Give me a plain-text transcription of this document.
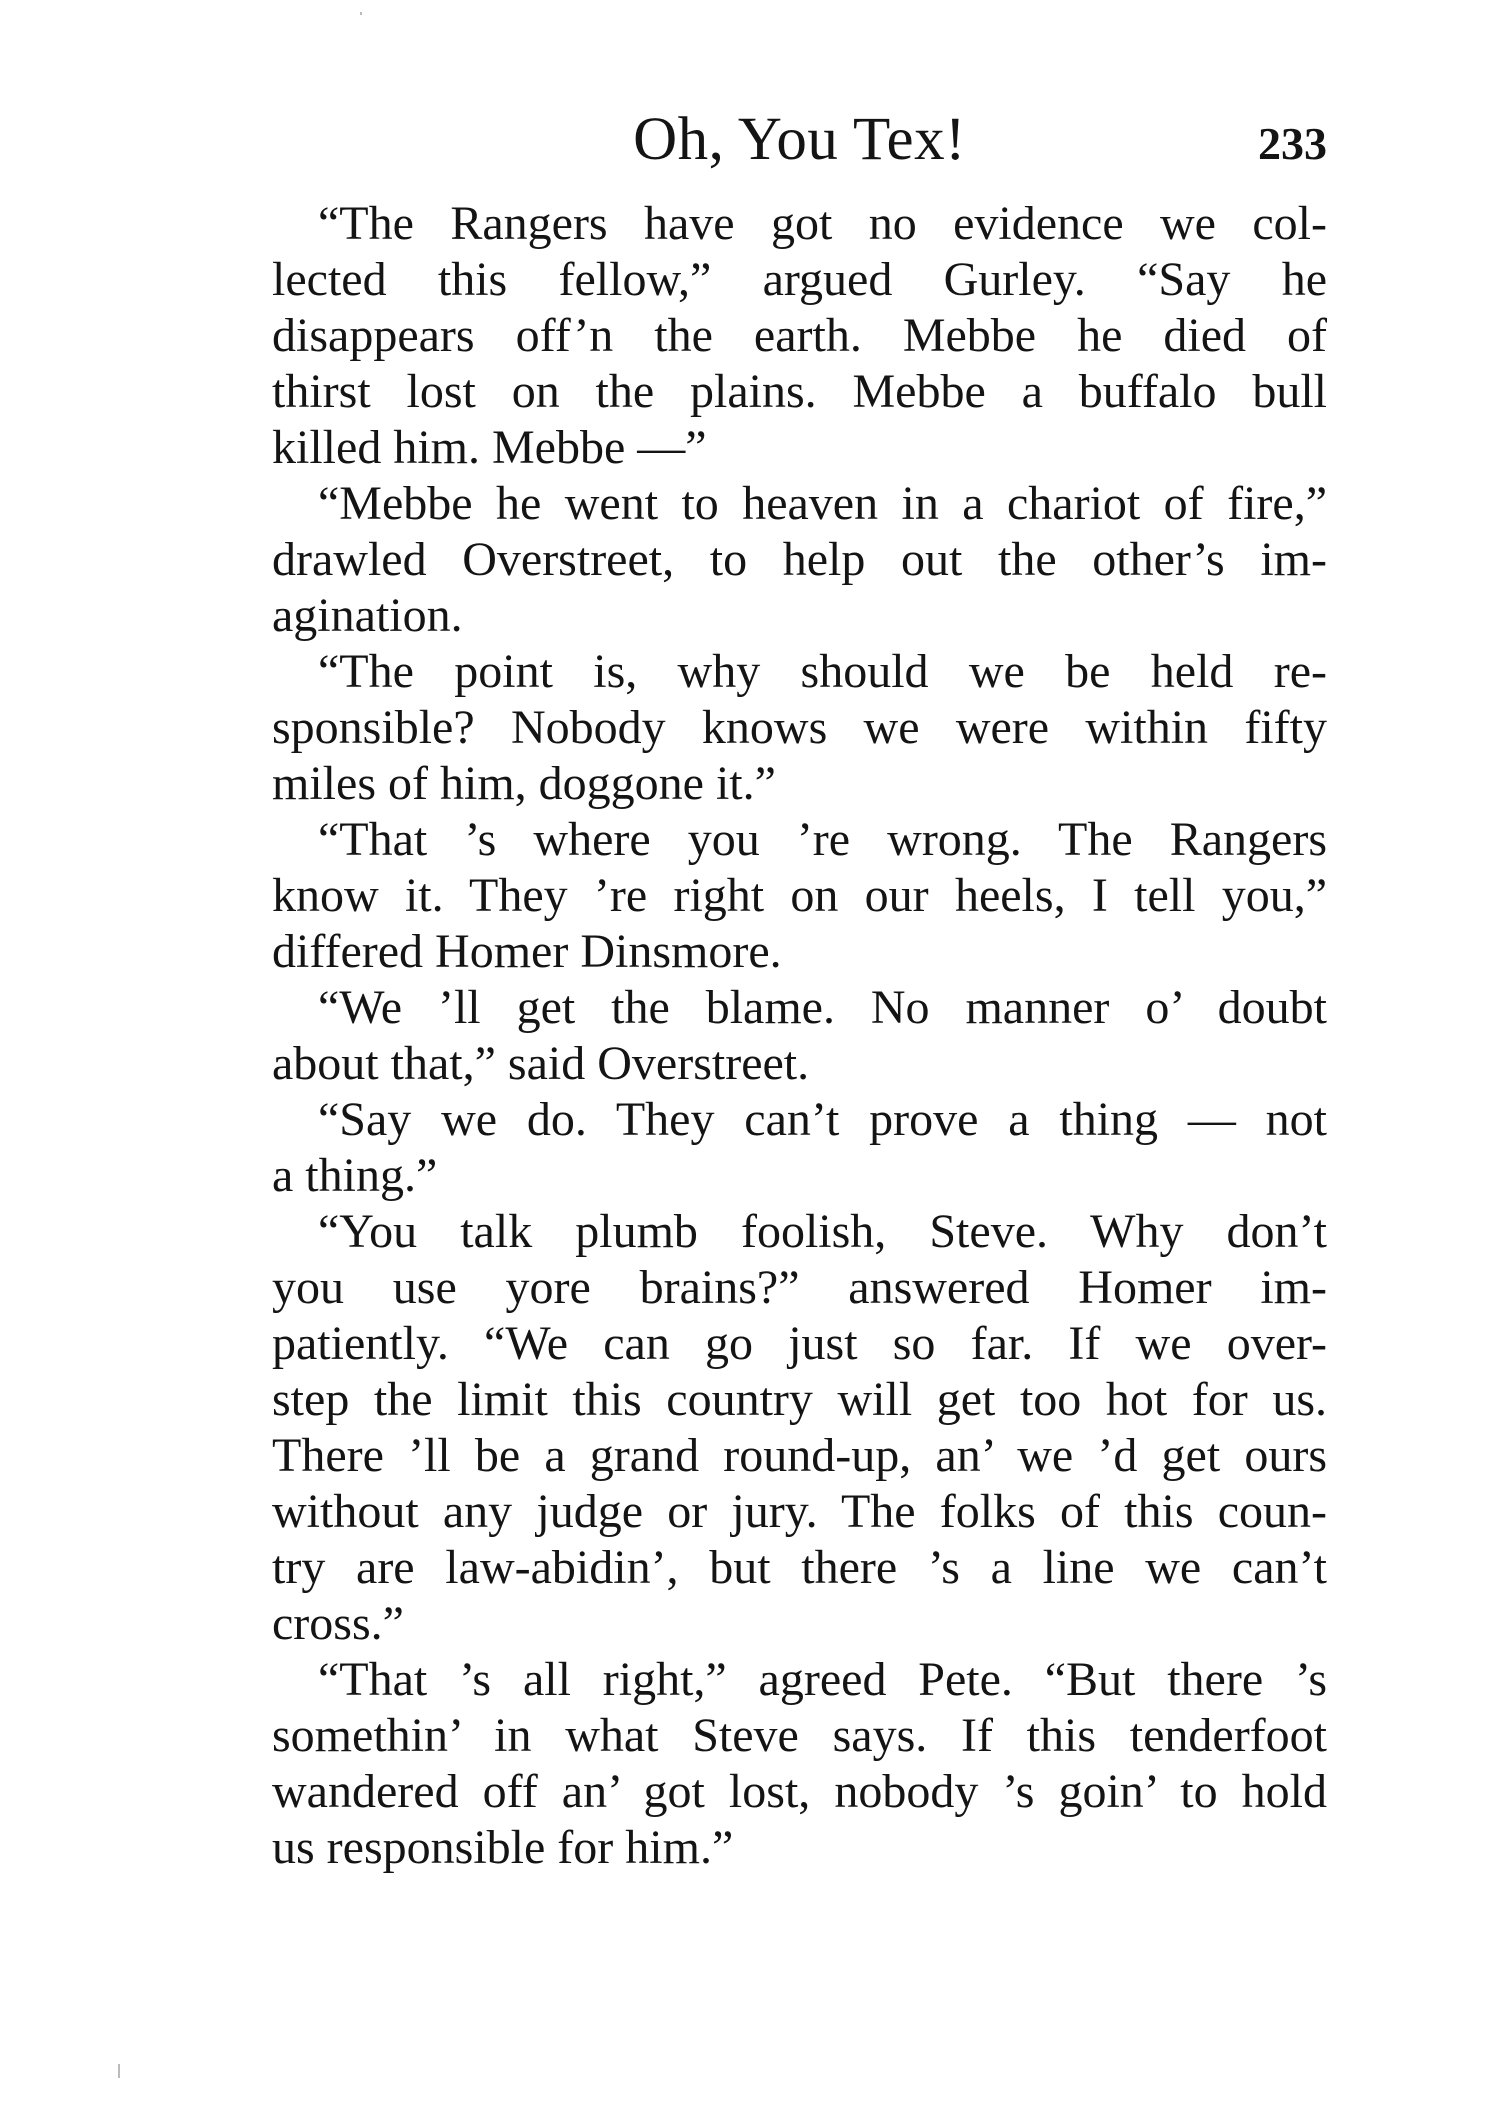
Oh, You Tex!	233

“The Rangers have got no evidence we col-
lected this fellow,” argued Gurley. “Say he
disappears off’n the earth. Mebbe he died of
thirst lost on the plains. Mebbe a buffalo bull
killed him. Mebbe —”

“Mebbe he went to heaven in a chariot of fire,”
drawled Overstreet, to help out the other’s im-
agination.

“The point is, why should we be held re-
sponsible? Nobody knows we were within fifty
miles of him, doggone it.”

“That ’s where you ’re wrong. The Rangers
know it. They ’re right on our heels, I tell you,”
differed Homer Dinsmore.

“We ’ll get the blame. No manner o’ doubt
about that,” said Overstreet.

“Say we do. They can’t prove a thing — not
a thing.”

“You talk plumb foolish, Steve. Why don’t
you use yore brains?” answered Homer im-
patiently. “We can go just so far. If we over-
step the limit this country will get too hot for us.
There ’ll be a grand round-up, an’ we ’d get ours
without any judge or jury. The folks of this coun-
try are law-abidin’, but there ’s a line we can’t
cross.”

“That ’s all right,” agreed Pete. “But there ’s
somethin’ in what Steve says. If this tenderfoot
wandered off an’ got lost, nobody ’s goin’ to hold
us responsible for him.”
